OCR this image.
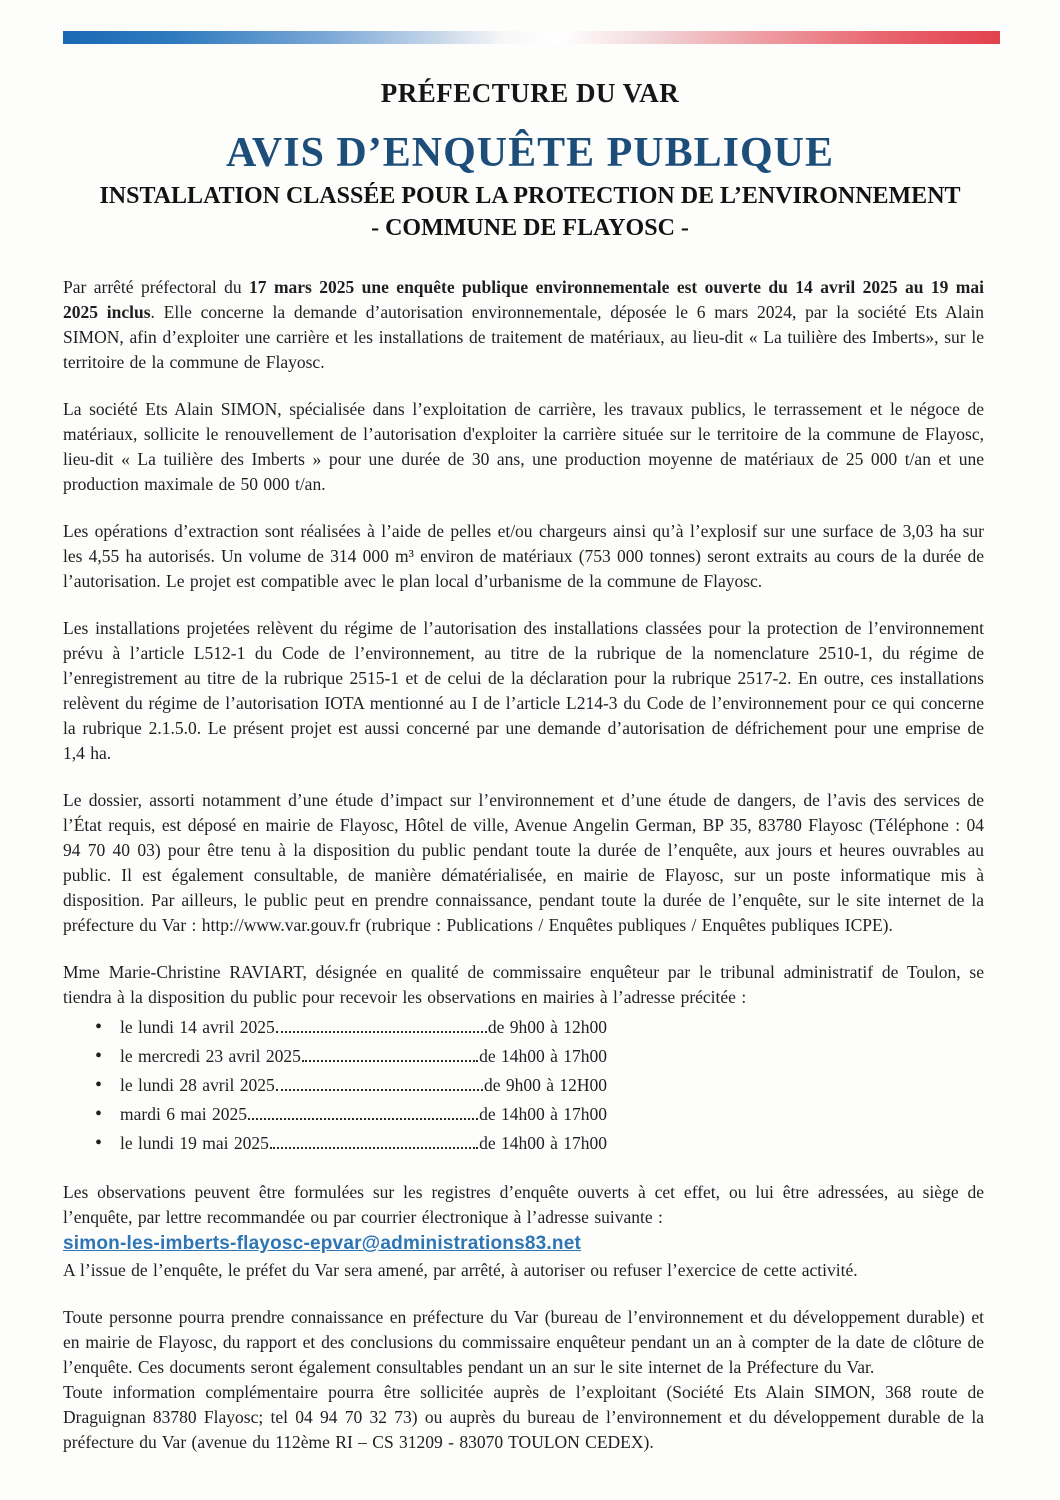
PRÉFECTURE DU VAR
AVIS D’ENQUÊTE PUBLIQUE
INSTALLATION CLASSÉE POUR LA PROTECTION DE L’ENVIRONNEMENT
- COMMUNE DE FLAYOSC -

Par arrêté préfectoral du 17 mars 2025 une enquête publique environnementale est ouverte du 14 avril 2025 au 19 mai 2025 inclus. Elle concerne la demande d’autorisation environnementale, déposée le 6 mars 2024, par la société Ets Alain SIMON, afin d’exploiter une carrière et les installations de traitement de matériaux, au lieu-dit « La tuilière des Imberts», sur le territoire de la commune de Flayosc.

La société Ets Alain SIMON, spécialisée dans l’exploitation de carrière, les travaux publics, le terrassement et le négoce de matériaux, sollicite le renouvellement de l’autorisation d'exploiter la carrière située sur le territoire de la commune de Flayosc, lieu-dit « La tuilière des Imberts » pour une durée de 30 ans, une production moyenne de matériaux de 25 000 t/an et une production maximale de 50 000 t/an.

Les opérations d’extraction sont réalisées à l’aide de pelles et/ou chargeurs ainsi qu’à l’explosif sur une surface de 3,03 ha sur les 4,55 ha autorisés. Un volume de 314 000 m³ environ de matériaux (753 000 tonnes) seront extraits au cours de la durée de l’autorisation. Le projet est compatible avec le plan local d’urbanisme de la commune de Flayosc.

Les installations projetées relèvent du régime de l’autorisation des installations classées pour la protection de l’environnement prévu à l’article L512-1 du Code de l’environnement, au titre de la rubrique de la nomenclature 2510-1, du régime de l’enregistrement au titre de la rubrique 2515-1 et de celui de la déclaration pour la rubrique 2517-2. En outre, ces installations relèvent du régime de l’autorisation IOTA mentionné au I de l’article L214-3 du Code de l’environnement pour ce qui concerne la rubrique 2.1.5.0. Le présent projet est aussi concerné par une demande d’autorisation de défrichement pour une emprise de 1,4 ha.

Le dossier, assorti notamment d’une étude d’impact sur l’environnement et d’une étude de dangers, de l’avis des services de l’État requis, est déposé en mairie de Flayosc, Hôtel de ville, Avenue Angelin German, BP 35, 83780 Flayosc (Téléphone : 04 94 70 40 03) pour être tenu à la disposition du public pendant toute la durée de l’enquête, aux jours et heures ouvrables au public. Il est également consultable, de manière dématérialisée, en mairie de Flayosc, sur un poste informatique mis à disposition. Par ailleurs, le public peut en prendre connaissance, pendant toute la durée de l’enquête, sur le site internet de la préfecture du Var : http://www.var.gouv.fr (rubrique : Publications / Enquêtes publiques / Enquêtes publiques ICPE).

Mme Marie-Christine RAVIART, désignée en qualité de commissaire enquêteur par le tribunal administratif de Toulon, se tiendra à la disposition du public pour recevoir les observations en mairies à l’adresse précitée :

• le lundi 14 avril 2025	de 9h00 à 12h00
• le mercredi 23 avril 2025	de 14h00 à 17h00
• le lundi 28 avril 2025	de 9h00 à 12H00
• mardi 6 mai 2025	de 14h00 à 17h00
• le lundi 19 mai 2025	de 14h00 à 17h00

Les observations peuvent être formulées sur les registres d’enquête ouverts à cet effet, ou lui être adressées, au siège de l’enquête, par lettre recommandée ou par courrier électronique à l’adresse suivante :

simon-les-imberts-flayosc-epvar@administrations83.net

A l’issue de l’enquête, le préfet du Var sera amené, par arrêté, à autoriser ou refuser l’exercice de cette activité.

Toute personne pourra prendre connaissance en préfecture du Var (bureau de l’environnement et du développement durable) et en mairie de Flayosc, du rapport et des conclusions du commissaire enquêteur pendant un an à compter de la date de clôture de l’enquête. Ces documents seront également consultables pendant un an sur le site internet de la Préfecture du Var.

Toute information complémentaire pourra être sollicitée auprès de l’exploitant (Société Ets Alain SIMON, 368 route de Draguignan 83780 Flayosc; tel 04 94 70 32 73) ou auprès du bureau de l’environnement et du développement durable de la préfecture du Var (avenue du 112ème RI – CS 31209 - 83070 TOULON CEDEX).
